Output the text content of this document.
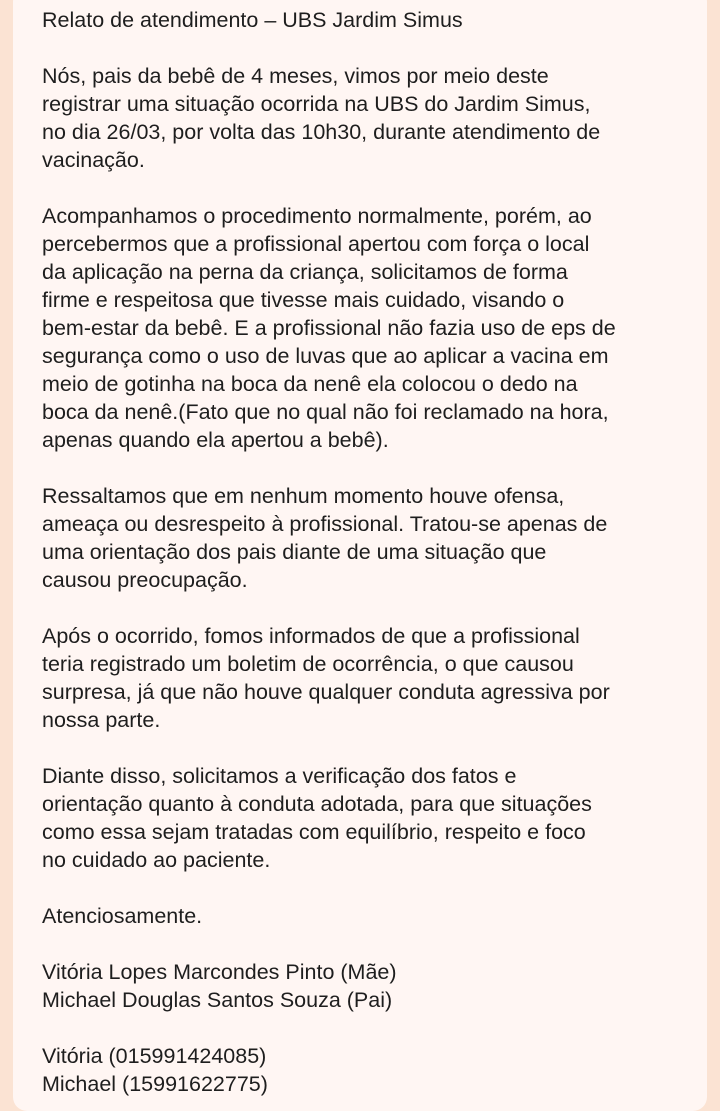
Relato de atendimento – UBS Jardim Simus
Nós, pais da bebê de 4 meses, vimos por meio deste
registrar uma situação ocorrida na UBS do Jardim Simus,
no dia 26/03, por volta das 10h30, durante atendimento de
vacinação.
Acompanhamos o procedimento normalmente, porém, ao
percebermos que a profissional apertou com força o local
da aplicação na perna da criança, solicitamos de forma
firme e respeitosa que tivesse mais cuidado, visando o
bem-estar da bebê. E a profissional não fazia uso de eps de
segurança como o uso de luvas que ao aplicar a vacina em
meio de gotinha na boca da nenê ela colocou o dedo na
boca da nenê.(Fato que no qual não foi reclamado na hora,
apenas quando ela apertou a bebê).
Ressaltamos que em nenhum momento houve ofensa,
ameaça ou desrespeito à profissional. Tratou-se apenas de
uma orientação dos pais diante de uma situação que
causou preocupação.
Após o ocorrido, fomos informados de que a profissional
teria registrado um boletim de ocorrência, o que causou
surpresa, já que não houve qualquer conduta agressiva por
nossa parte.
Diante disso, solicitamos a verificação dos fatos e
orientação quanto à conduta adotada, para que situações
como essa sejam tratadas com equilíbrio, respeito e foco
no cuidado ao paciente.
Atenciosamente.
Vitória Lopes Marcondes Pinto (Mãe)
Michael Douglas Santos Souza (Pai)
Vitória (015991424085)
Michael (15991622775)
